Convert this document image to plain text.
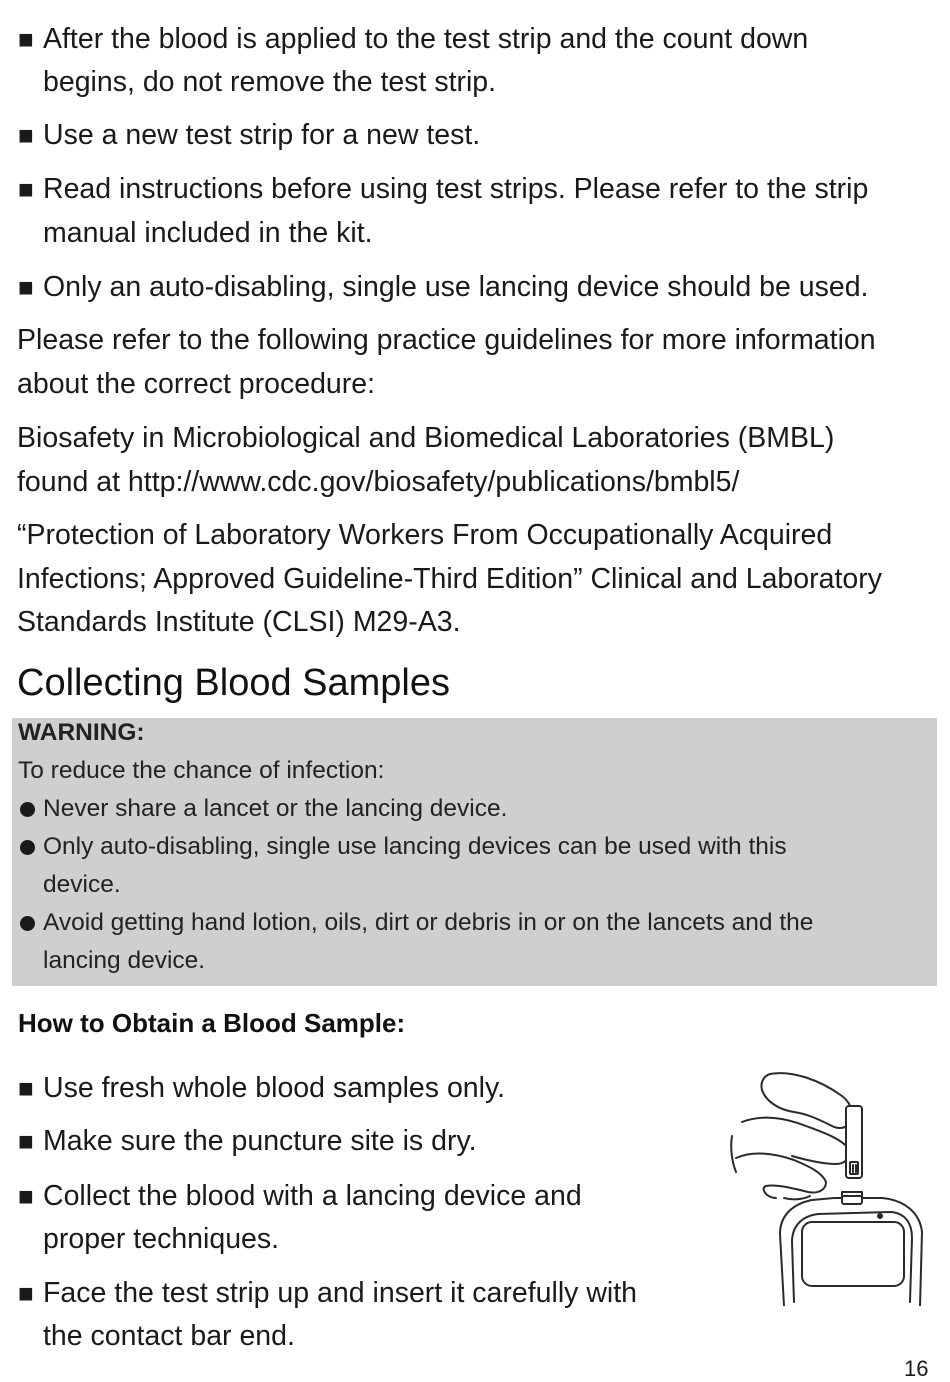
■ After the blood is applied to the test strip and the count down

begins, do not remove the test strip.

■ Use a new test strip for a new test.

■ Read instructions before using test strips. Please refer to the strip

manual included in the kit.

■ Only an auto-disabling, single use lancing device should be used.

Please refer to the following practice guidelines for more information

about the correct procedure:

Biosafety in Microbiological and Biomedical Laboratories (BMBL)

found at http://www.cdc.gov/biosafety/publications/bmbl5/

“Protection of Laboratory Workers From Occupationally Acquired

Infections; Approved Guideline-Third Edition” Clinical and Laboratory

Standards Institute (CLSI) M29-A3.

Collecting Blood Samples

WARNING:

To reduce the chance of infection:

Never share a lancet or the lancing device.

Only auto-disabling, single use lancing devices can be used with this

device.

Avoid getting hand lotion, oils, dirt or debris in or on the lancets and the

lancing device.

How to Obtain a Blood Sample:
■ Use fresh whole blood samples only.

■ Make sure the puncture site is dry.

■ Collect the blood with a lancing device and

proper techniques.

■ Face the test strip up and insert it carefully with

the contact bar end.

16
